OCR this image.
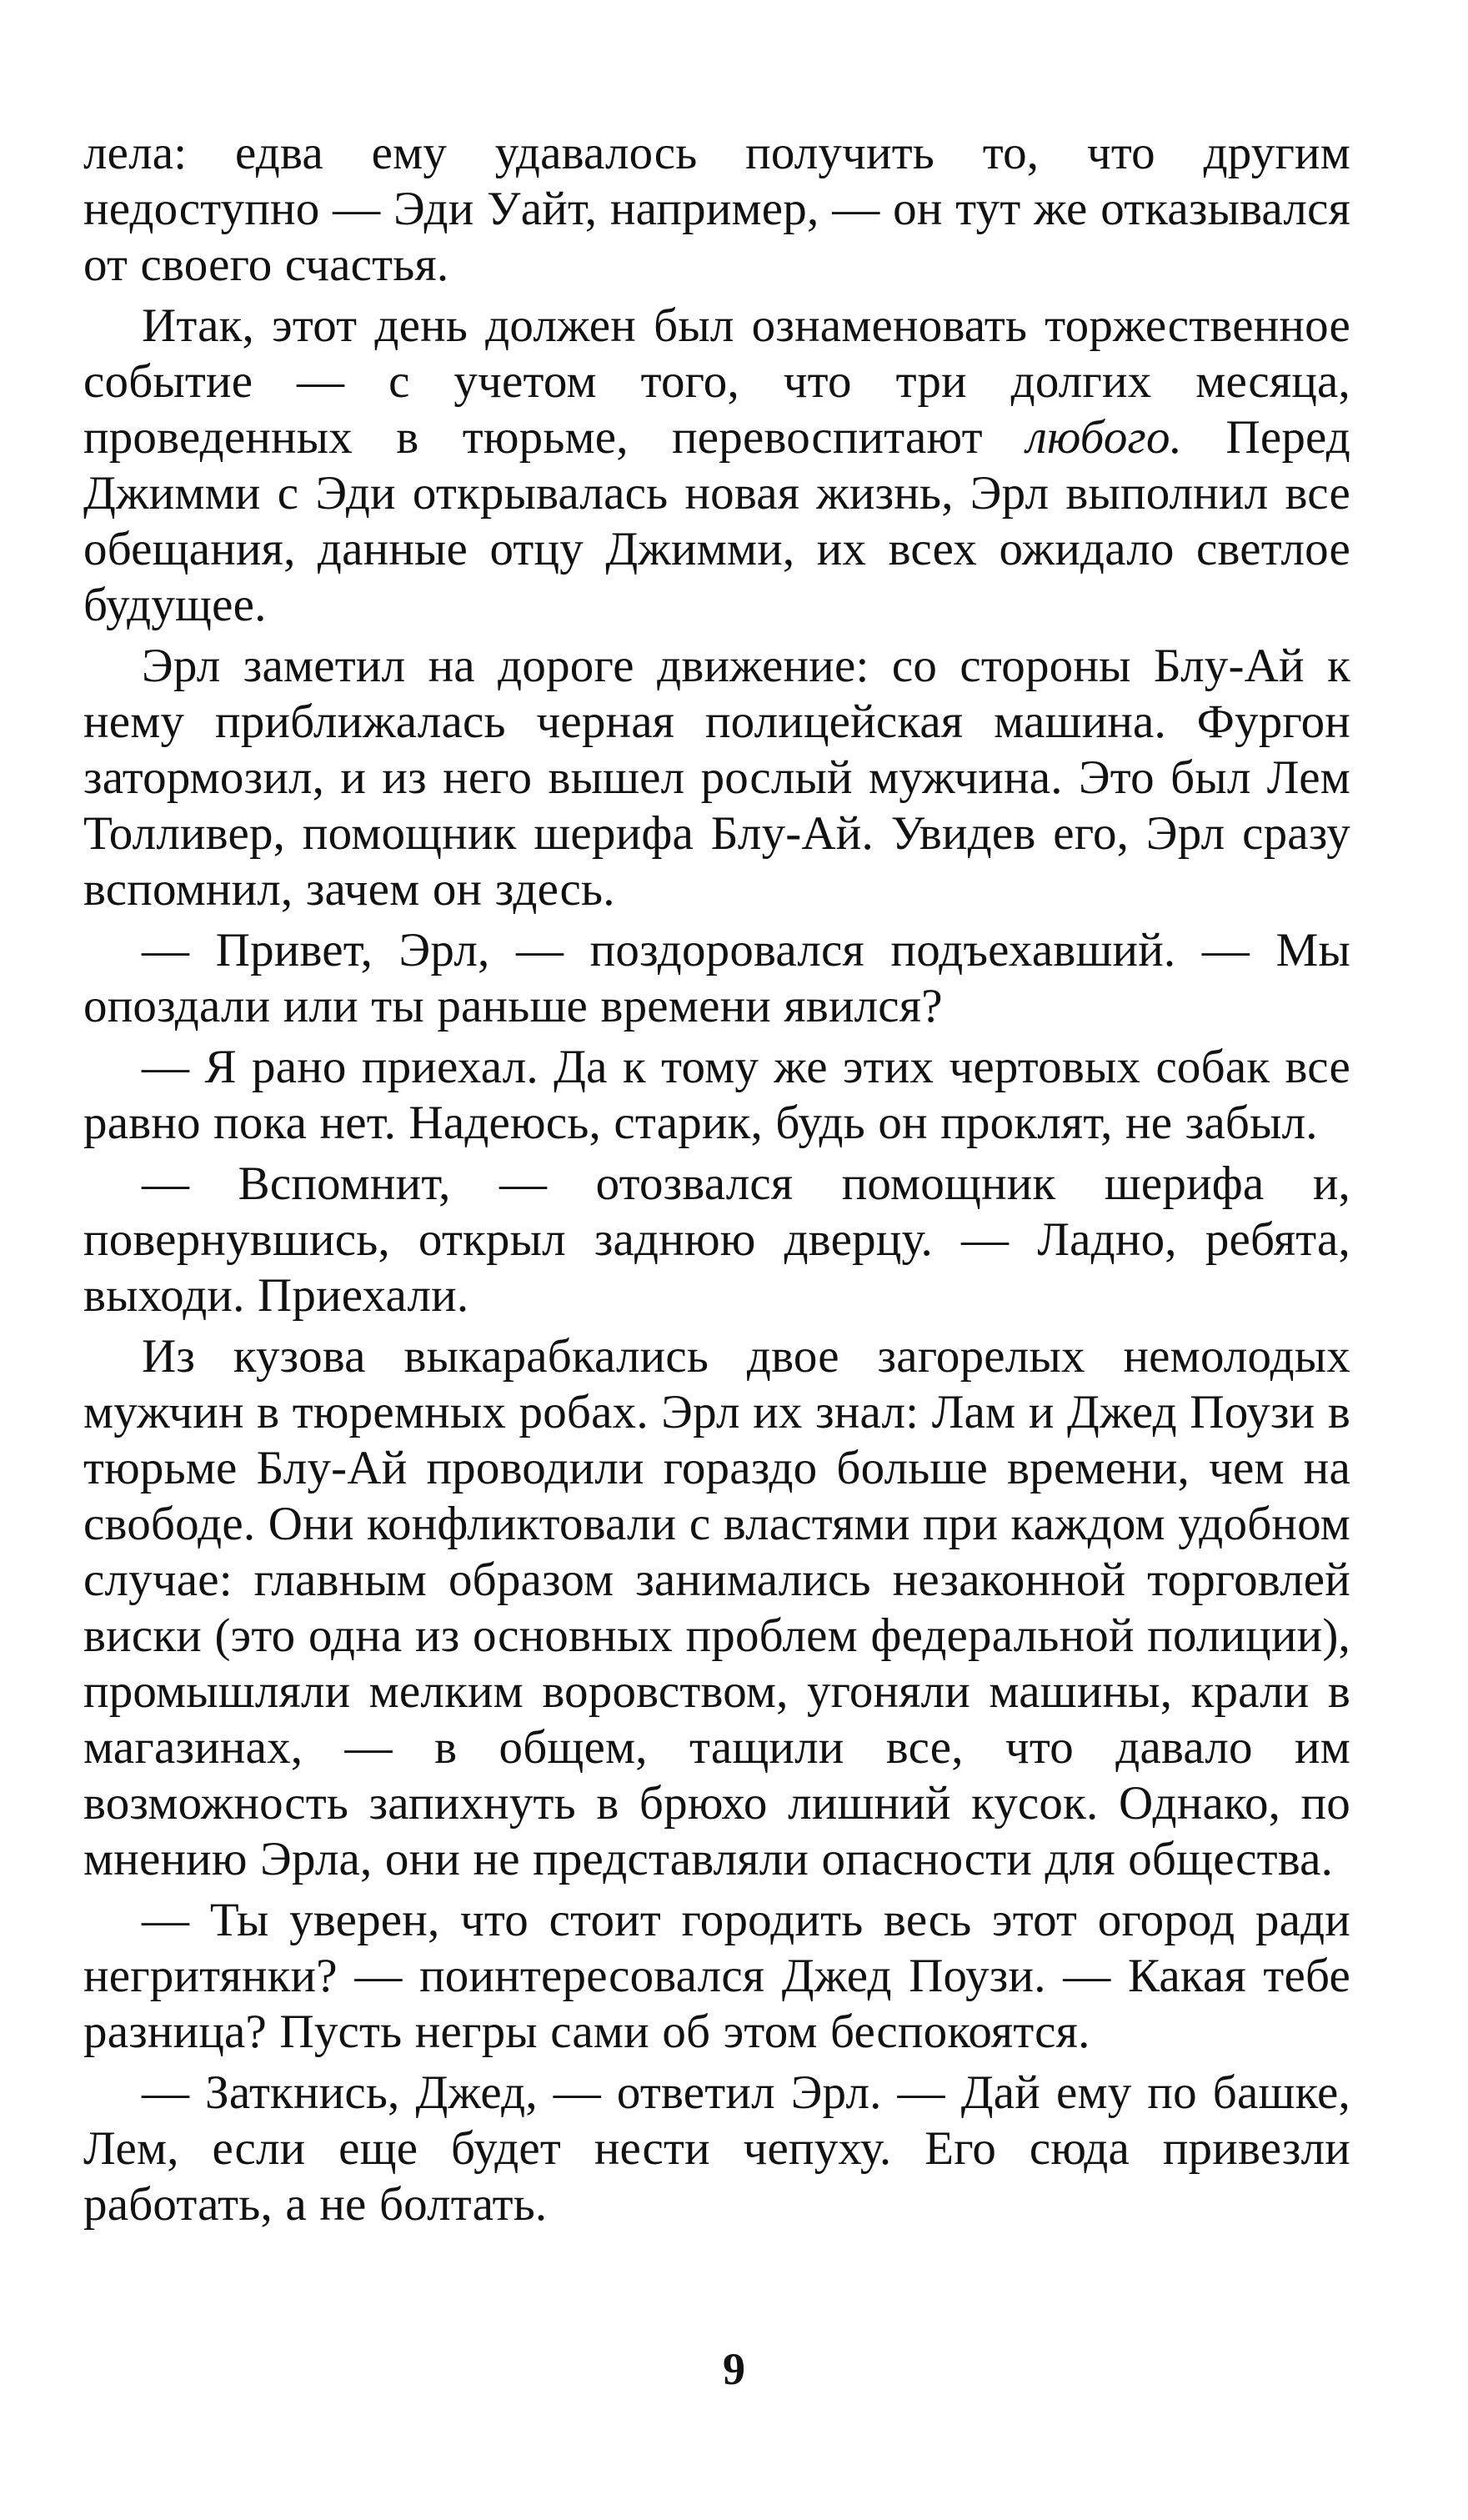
лела: едва ему удавалось получить то, что другим недоступно — Эди Уайт, например, — он тут же отказывался от своего счастья.

Итак, этот день должен был ознаменовать торжественное событие — с учетом того, что три долгих месяца, проведенных в тюрьме, перевоспитают любого. Перед Джимми с Эди открывалась новая жизнь, Эрл выполнил все обещания, данные отцу Джимми, их всех ожидало светлое будущее.

Эрл заметил на дороге движение: со стороны Блу-Ай к нему приближалась черная полицейская машина. Фургон затормозил, и из него вышел рослый мужчина. Это был Лем Толливер, помощник шерифа Блу-Ай. Увидев его, Эрл сразу вспомнил, зачем он здесь.

— Привет, Эрл, — поздоровался подъехавший. — Мы опоздали или ты раньше времени явился?

— Я рано приехал. Да к тому же этих чертовых собак все равно пока нет. Надеюсь, старик, будь он проклят, не забыл.

— Вспомнит, — отозвался помощник шерифа и, повернувшись, открыл заднюю дверцу. — Ладно, ребята, выходи. Приехали.

Из кузова выкарабкались двое загорелых немолодых мужчин в тюремных робах. Эрл их знал: Лам и Джед Поузи в тюрьме Блу-Ай проводили гораздо больше времени, чем на свободе. Они конфликтовали с властями при каждом удобном случае: главным образом занимались незаконной торговлей виски (это одна из основных проблем федеральной полиции), промышляли мелким воровством, угоняли машины, крали в магазинах, — в общем, тащили все, что давало им возможность запихнуть в брюхо лишний кусок. Однако, по мнению Эрла, они не представляли опасности для общества.

— Ты уверен, что стоит городить весь этот огород ради негритянки? — поинтересовался Джед Поузи. — Какая тебе разница? Пусть негры сами об этом беспокоятся.

— Заткнись, Джед, — ответил Эрл. — Дай ему по башке, Лем, если еще будет нести чепуху. Его сюда привезли работать, а не болтать.

9
